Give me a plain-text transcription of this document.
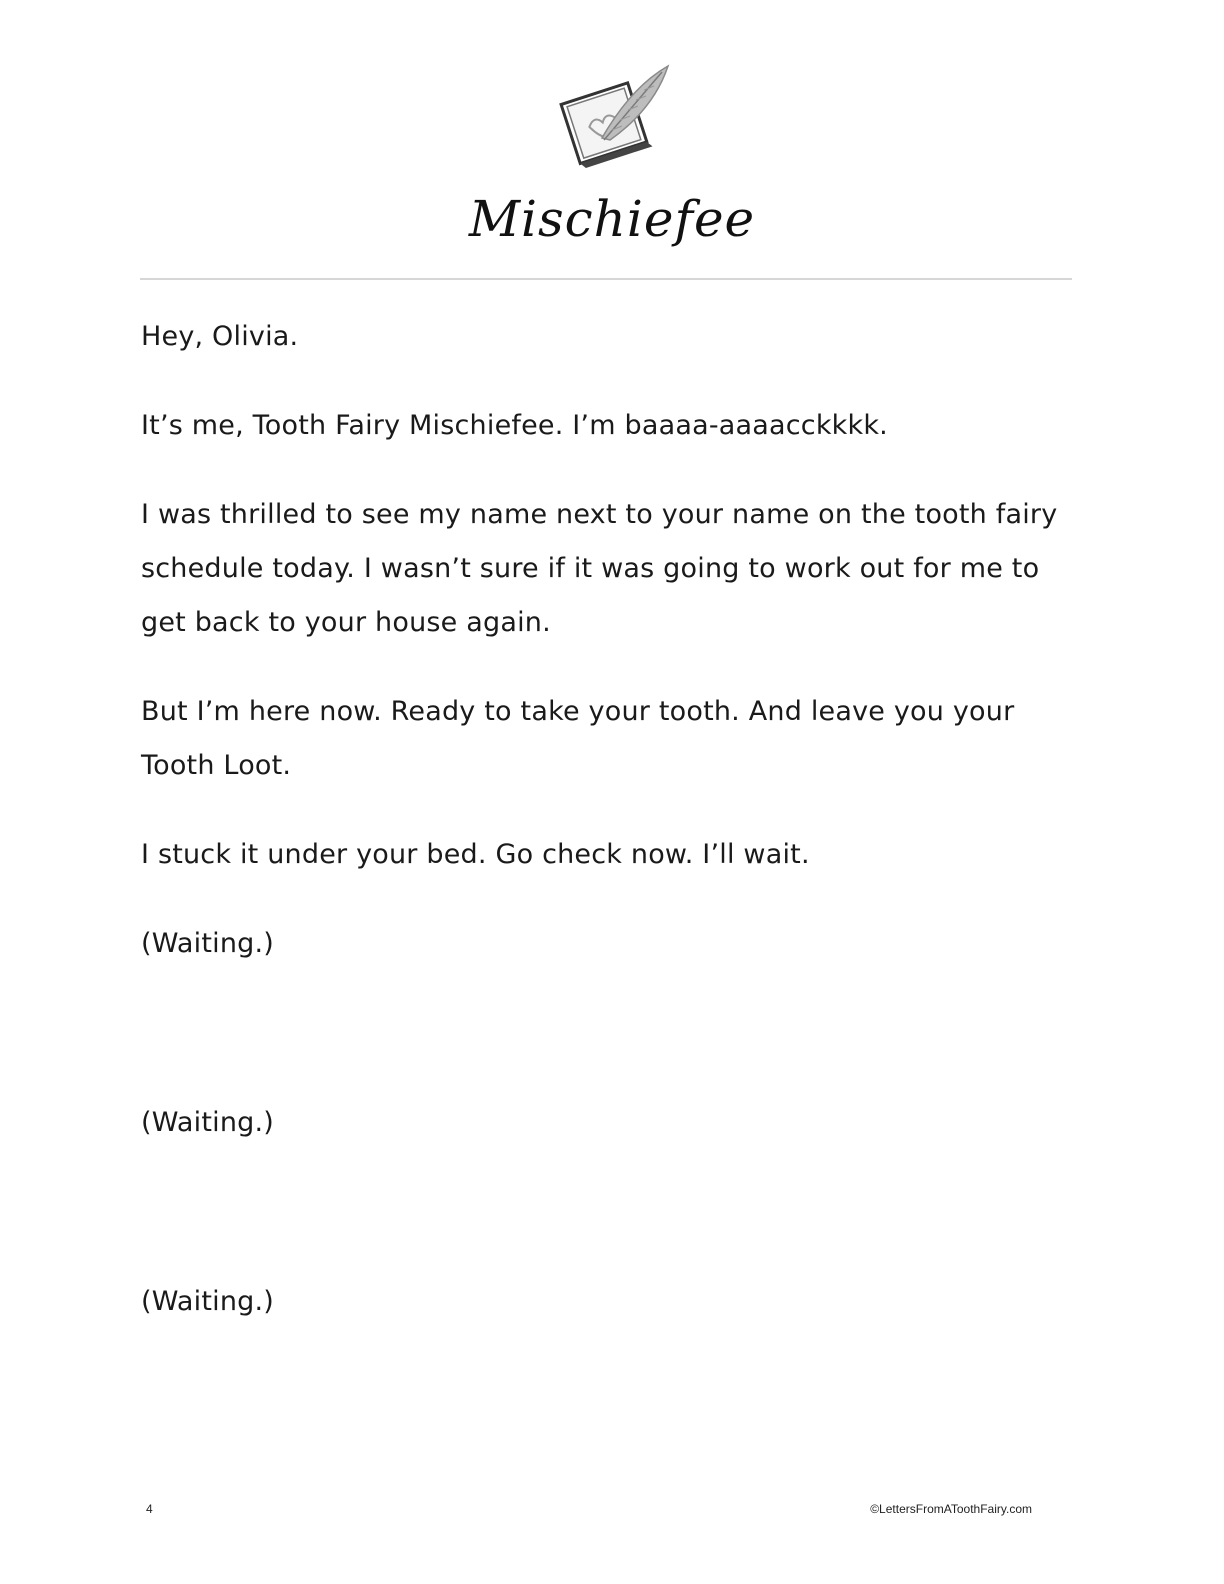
Mischiefee

Hey, Olivia.

It’s me, Tooth Fairy Mischiefee. I’m baaaa-aaaacckkkk.

I was thrilled to see my name next to your name on the tooth fairy schedule today. I wasn’t sure if it was going to work out for me to get back to your house again.

But I’m here now. Ready to take your tooth. And leave you your Tooth Loot.

I stuck it under your bed. Go check now. I’ll wait.

(Waiting.)

(Waiting.)

(Waiting.)

4	©LettersFromAToothFairy.com
